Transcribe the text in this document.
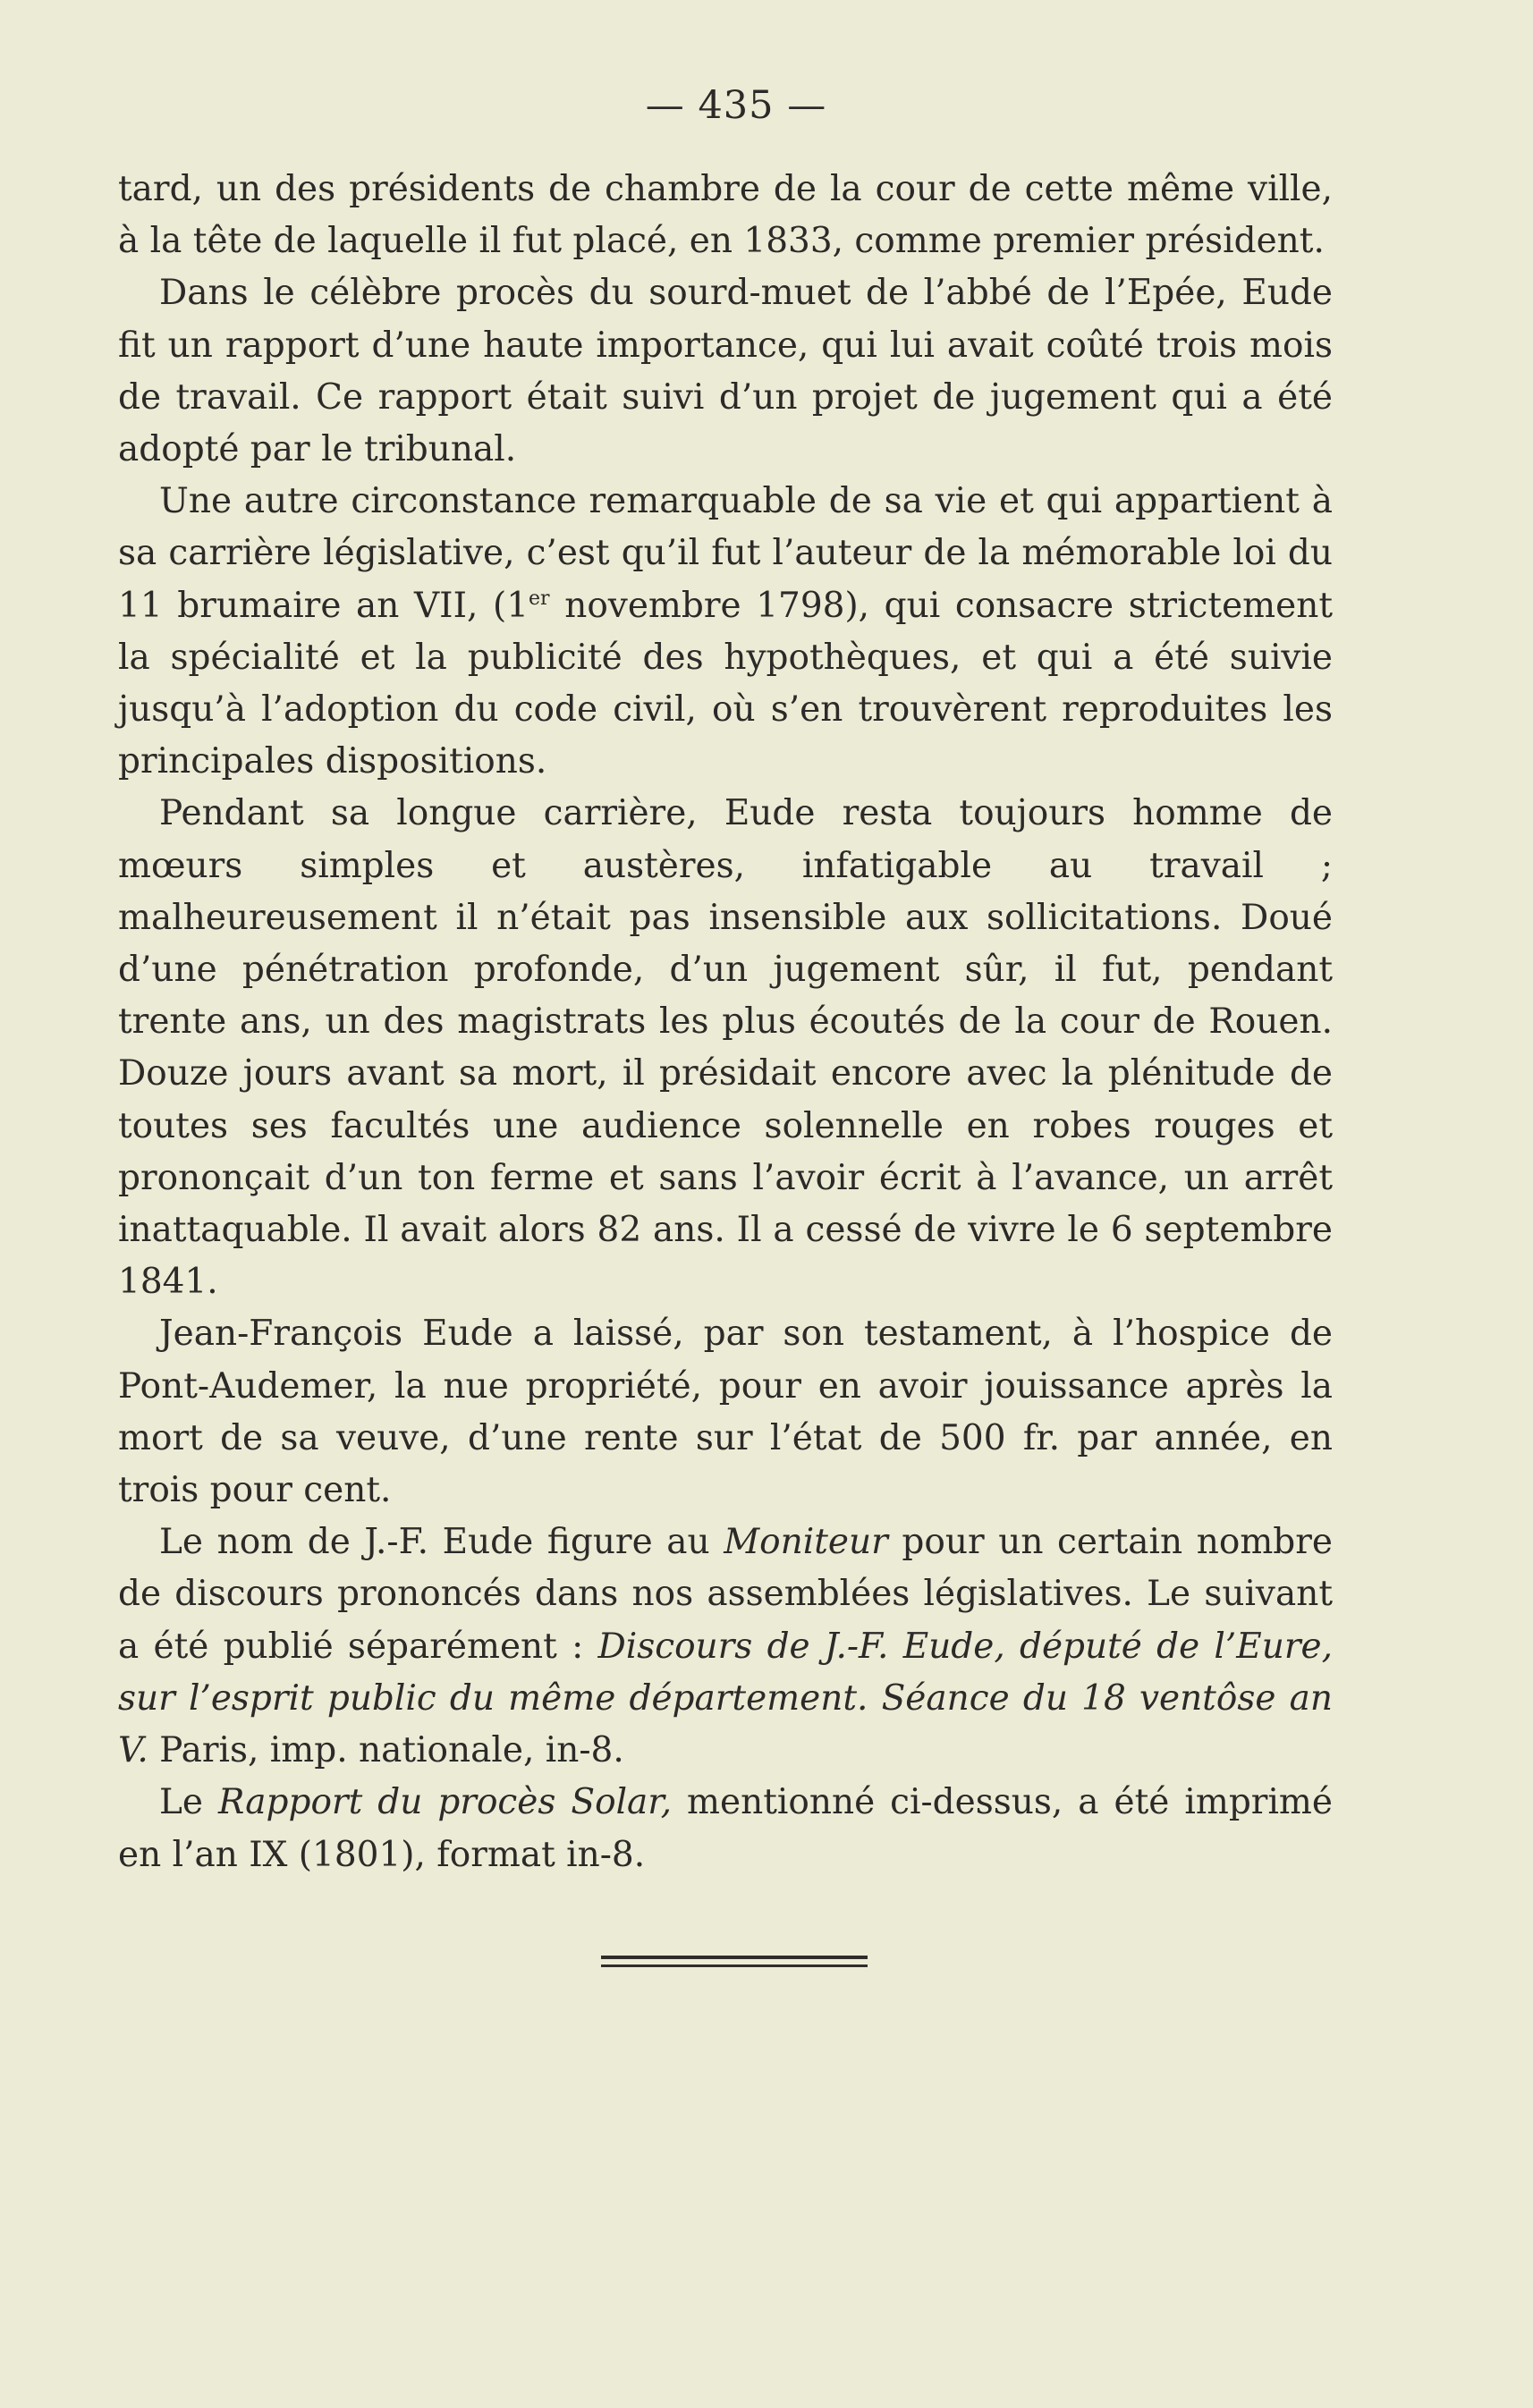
— 435 —

tard, un des présidents de chambre de la cour de cette même ville, à la tête de laquelle il fut placé, en 1833, comme premier président.

Dans le célèbre procès du sourd-muet de l’abbé de l’Epée, Eude fit un rapport d’une haute importance, qui lui avait coûté trois mois de travail. Ce rapport était suivi d’un projet de jugement qui a été adopté par le tribunal.

Une autre circonstance remarquable de sa vie et qui appartient à sa carrière législative, c’est qu’il fut l’auteur de la mémorable loi du 11 brumaire an VII, (1er novembre 1798), qui consacre strictement la spécialité et la publicité des hypothèques, et qui a été suivie jusqu’à l’adoption du code civil, où s’en trouvèrent reproduites les principales dispositions.

Pendant sa longue carrière, Eude resta toujours homme de mœurs simples et austères, infatigable au travail ; malheureusement il n’était pas insensible aux sollicitations. Doué d’une pénétration profonde, d’un jugement sûr, il fut, pendant trente ans, un des magistrats les plus écoutés de la cour de Rouen. Douze jours avant sa mort, il présidait encore avec la plénitude de toutes ses facultés une audience solennelle en robes rouges et prononçait d’un ton ferme et sans l’avoir écrit à l’avance, un arrêt inattaquable. Il avait alors 82 ans. Il a cessé de vivre le 6 septembre 1841.

Jean-François Eude a laissé, par son testament, à l’hospice de Pont-Audemer, la nue propriété, pour en avoir jouissance après la mort de sa veuve, d’une rente sur l’état de 500 fr. par année, en trois pour cent.

Le nom de J.-F. Eude figure au Moniteur pour un certain nombre de discours prononcés dans nos assemblées législatives. Le suivant a été publié séparément : Discours de J.-F. Eude, député de l’Eure, sur l’esprit public du même département. Séance du 18 ventôse an V. Paris, imp. nationale, in-8.

Le Rapport du procès Solar, mentionné ci-dessus, a été imprimé en l’an IX (1801), format in-8.
